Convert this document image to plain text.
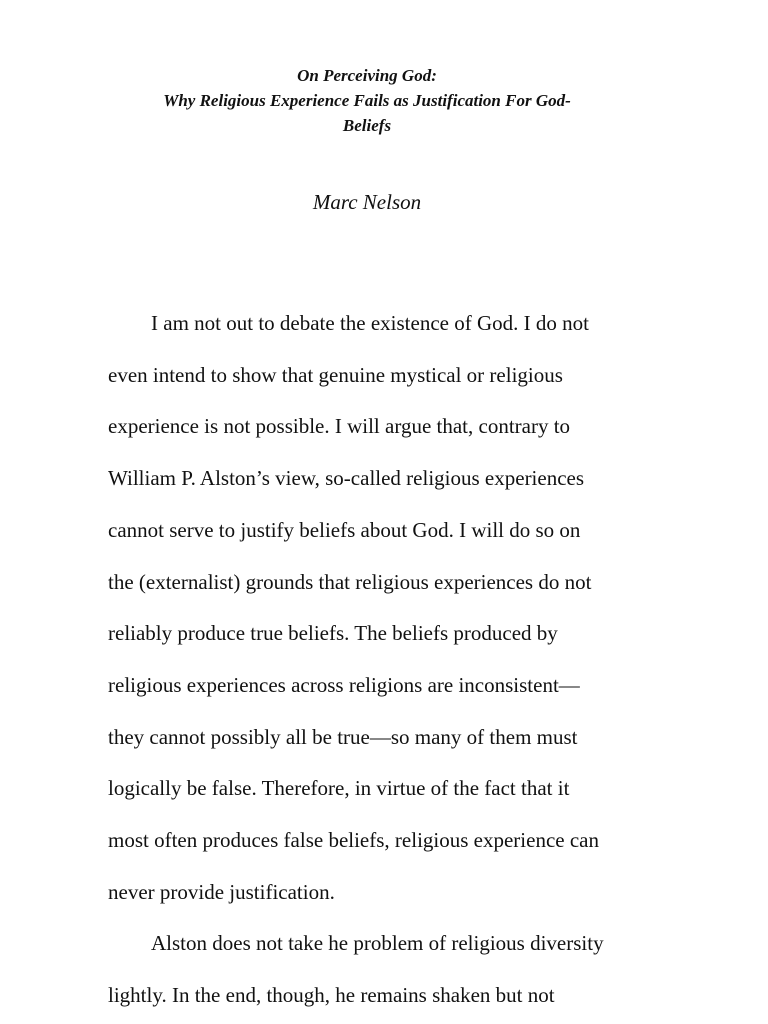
On Perceiving God:
Why Religious Experience Fails as Justification For God-
Beliefs
Marc Nelson
I am not out to debate the existence of God. I do not
even intend to show that genuine mystical or religious
experience is not possible. I will argue that, contrary to
William P. Alston’s view, so-called religious experiences
cannot serve to justify beliefs about God. I will do so on
the (externalist) grounds that religious experiences do not
reliably produce true beliefs. The beliefs produced by
religious experiences across religions are inconsistent—
they cannot possibly all be true—so many of them must
logically be false. Therefore, in virtue of the fact that it
most often produces false beliefs, religious experience can
never provide justification.
Alston does not take he problem of religious diversity
lightly. In the end, though, he remains shaken but not
